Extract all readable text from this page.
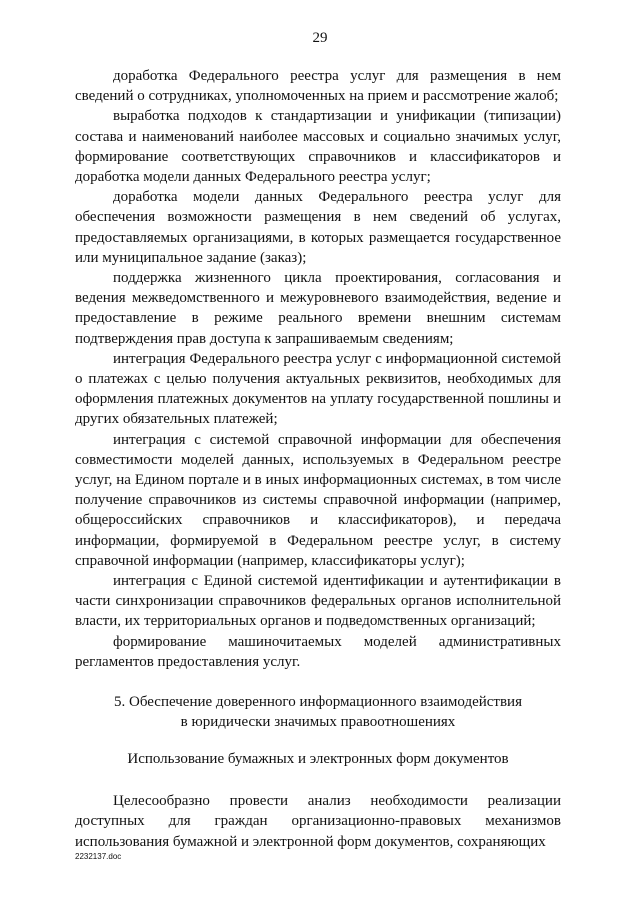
29

доработка Федерального реестра услуг для размещения в нем сведений о сотрудниках, уполномоченных на прием и рассмотрение жалоб;

выработка подходов к стандартизации и унификации (типизации) состава и наименований наиболее массовых и социально значимых услуг, формирование соответствующих справочников и классификаторов и доработка модели данных Федерального реестра услуг;

доработка модели данных Федерального реестра услуг для обеспечения возможности размещения в нем сведений об услугах, предоставляемых организациями, в которых размещается государственное или муниципальное задание (заказ);

поддержка жизненного цикла проектирования, согласования и ведения межведомственного и межуровневого взаимодействия, ведение и предоставление в режиме реального времени внешним системам подтверждения прав доступа к запрашиваемым сведениям;

интеграция Федерального реестра услуг с информационной системой о платежах с целью получения актуальных реквизитов, необходимых для оформления платежных документов на уплату государственной пошлины и других обязательных платежей;

интеграция с системой справочной информации для обеспечения совместимости моделей данных, используемых в Федеральном реестре услуг, на Едином портале и в иных информационных системах, в том числе получение справочников из системы справочной информации (например, общероссийских справочников и классификаторов), и передача информации, формируемой в Федеральном реестре услуг, в систему справочной информации (например, классификаторы услуг);

интеграция с Единой системой идентификации и аутентификации в части синхронизации справочников федеральных органов исполнительной власти, их территориальных органов и подведомственных организаций;

формирование машиночитаемых моделей административных регламентов предоставления услуг.

5. Обеспечение доверенного информационного взаимодействия

в юридически значимых правоотношениях

Использование бумажных и электронных форм документов

Целесообразно провести анализ необходимости реализации доступных для граждан организационно-правовых механизмов использования бумажной и электронной форм документов, сохраняющих

2232137.doc
